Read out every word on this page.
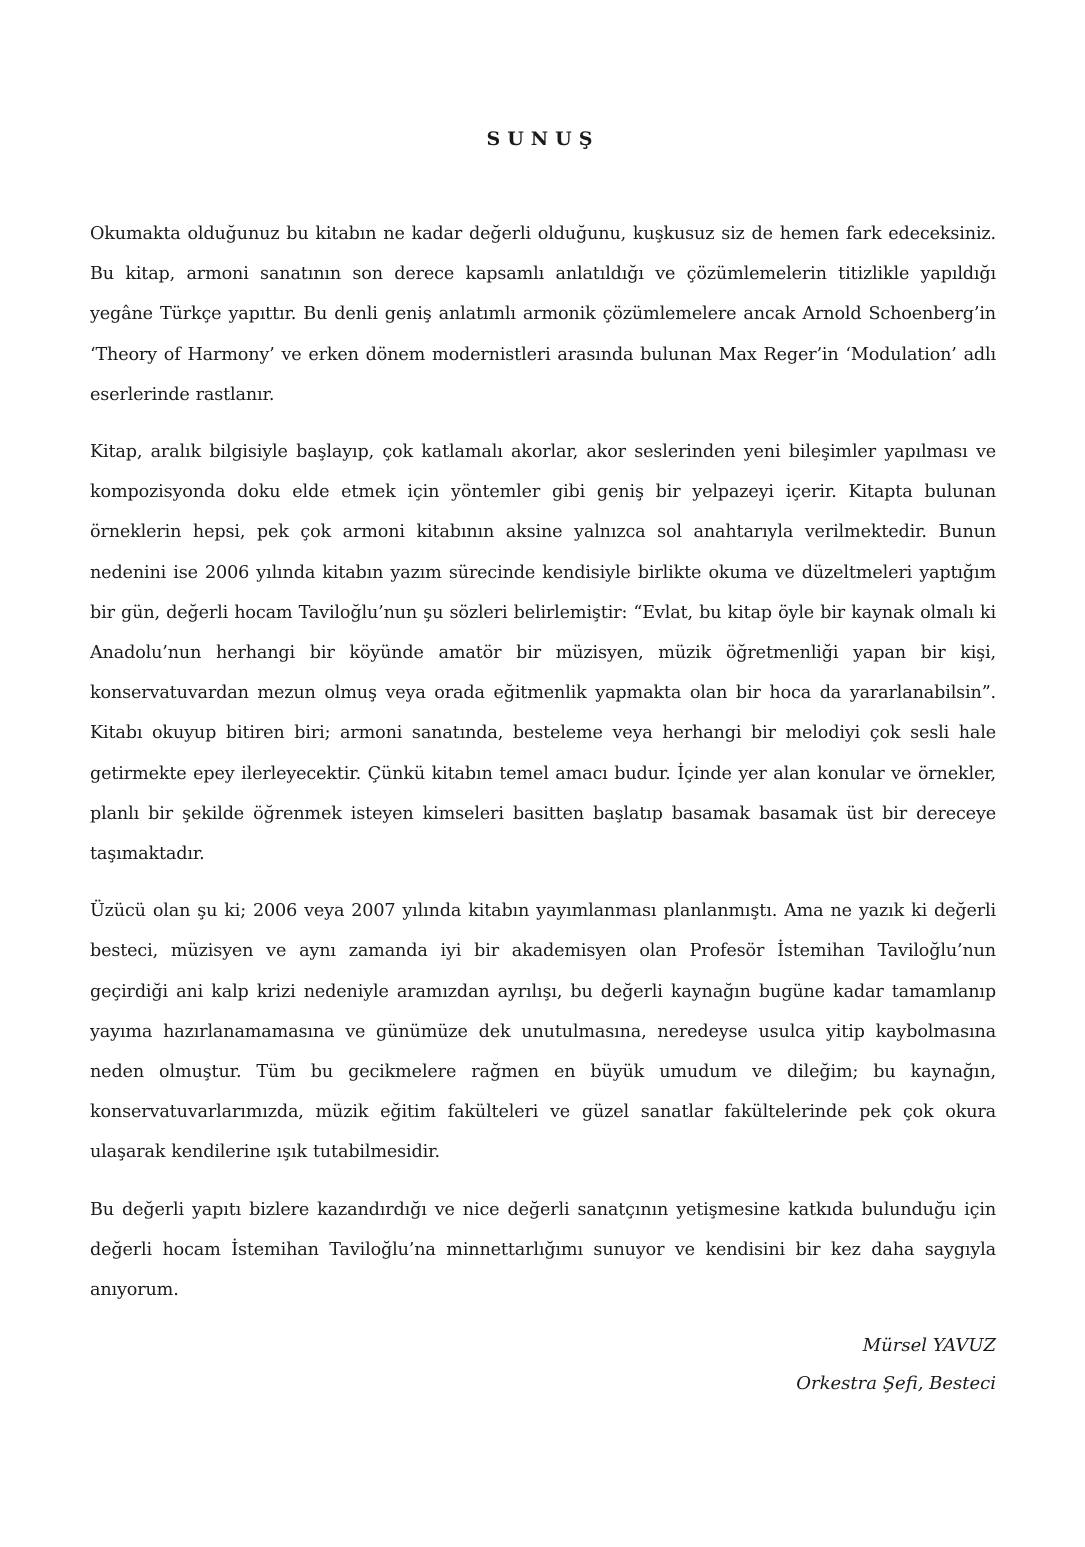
SUNUŞ

Okumakta olduğunuz bu kitabın ne kadar değerli olduğunu, kuşkusuz siz de hemen fark edeceksiniz. Bu kitap, armoni sanatının son derece kapsamlı anlatıldığı ve çözümlemelerin titizlikle yapıldığı yegâne Türkçe yapıttır. Bu denli geniş anlatımlı armonik çözümlemelere ancak Arnold Schoenberg’in ‘Theory of Harmony’ ve erken dönem modernistleri arasında bulunan Max Reger’in ‘Modulation’ adlı eserlerinde rastlanır.

Kitap, aralık bilgisiyle başlayıp, çok katlamalı akorlar, akor seslerinden yeni bileşimler yapılması ve kompozisyonda doku elde etmek için yöntemler gibi geniş bir yelpazeyi içerir. Kitapta bulunan örneklerin hepsi, pek çok armoni kitabının aksine yalnızca sol anahtarıyla verilmektedir. Bunun nedenini ise 2006 yılında kitabın yazım sürecinde kendisiyle birlikte okuma ve düzeltmeleri yaptığım bir gün, değerli hocam Taviloğlu’nun şu sözleri belirlemiştir: “Evlat, bu kitap öyle bir kaynak olmalı ki Anadolu’nun herhangi bir köyünde amatör bir müzisyen, müzik öğretmenliği yapan bir kişi, konservatuvardan mezun olmuş veya orada eğitmenlik yapmakta olan bir hoca da yararlanabilsin”. Kitabı okuyup bitiren biri; armoni sanatında, besteleme veya herhangi bir melodiyi çok sesli hale getirmekte epey ilerleyecektir. Çünkü kitabın temel amacı budur. İçinde yer alan konular ve örnekler, planlı bir şekilde öğrenmek isteyen kimseleri basitten başlatıp basamak basamak üst bir dereceye taşımaktadır.

Üzücü olan şu ki; 2006 veya 2007 yılında kitabın yayımlanması planlanmıştı. Ama ne yazık ki değerli besteci, müzisyen ve aynı zamanda iyi bir akademisyen olan Profesör İstemihan Taviloğlu’nun geçirdiği ani kalp krizi nedeniyle aramızdan ayrılışı, bu değerli kaynağın bugüne kadar tamamlanıp yayıma hazırlanamamasına ve günümüze dek unutulmasına, neredeyse usulca yitip kaybolmasına neden olmuştur. Tüm bu gecikmelere rağmen en büyük umudum ve dileğim; bu kaynağın, konservatuvarlarımızda, müzik eğitim fakülteleri ve güzel sanatlar fakültelerinde pek çok okura ulaşarak kendilerine ışık tutabilmesidir.

Bu değerli yapıtı bizlere kazandırdığı ve nice değerli sanatçının yetişmesine katkıda bulunduğu için değerli hocam İstemihan Taviloğlu’na minnettarlığımı sunuyor ve kendisini bir kez daha saygıyla anıyorum.

Mürsel YAVUZ
Orkestra Şefi, Besteci
